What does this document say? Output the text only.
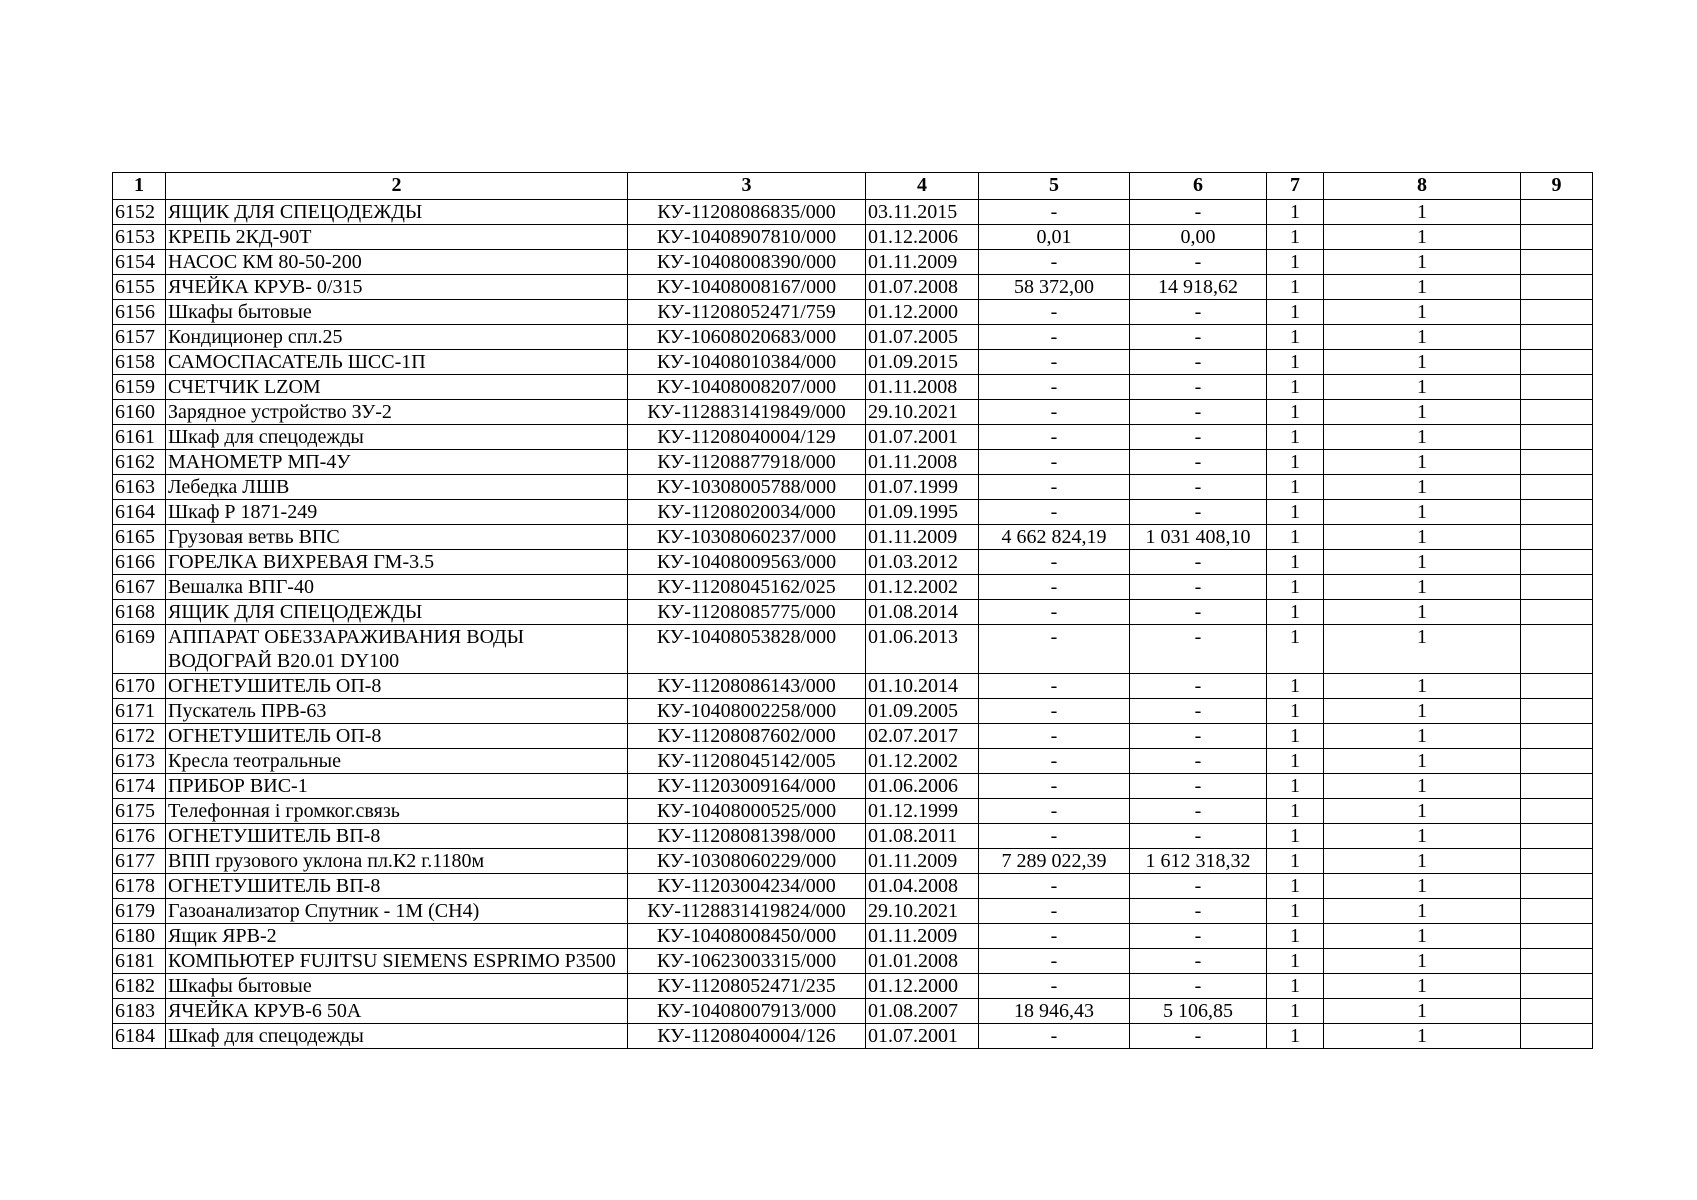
1	2	3	4	5	6	7	8	9
6152	ЯЩИК ДЛЯ СПЕЦОДЕЖДЫ	КУ-11208086835/000	03.11.2015	-	-	1	1	
6153	КРЕПЬ 2КД-90Т	КУ-10408907810/000	01.12.2006	0,01	0,00	1	1	
6154	НАСОС КМ 80-50-200	КУ-10408008390/000	01.11.2009	-	-	1	1	
6155	ЯЧЕЙКА КРУВ- 0/315	КУ-10408008167/000	01.07.2008	58 372,00	14 918,62	1	1	
6156	Шкафы бытовые	КУ-11208052471/759	01.12.2000	-	-	1	1	
6157	Кондиционер спл.25	КУ-10608020683/000	01.07.2005	-	-	1	1	
6158	САМОСПАСАТЕЛЬ ШСС-1П	КУ-10408010384/000	01.09.2015	-	-	1	1	
6159	СЧЕТЧИК LZOM	КУ-10408008207/000	01.11.2008	-	-	1	1	
6160	Зарядное устройство ЗУ-2	КУ-1128831419849/000	29.10.2021	-	-	1	1	
6161	Шкаф для спецодежды	КУ-11208040004/129	01.07.2001	-	-	1	1	
6162	МАНОМЕТР МП-4У	КУ-11208877918/000	01.11.2008	-	-	1	1	
6163	Лебедка ЛШВ	КУ-10308005788/000	01.07.1999	-	-	1	1	
6164	Шкаф Р 1871-249	КУ-11208020034/000	01.09.1995	-	-	1	1	
6165	Грузовая ветвь ВПС	КУ-10308060237/000	01.11.2009	4 662 824,19	1 031 408,10	1	1	
6166	ГОРЕЛКА ВИХРЕВАЯ ГМ-3.5	КУ-10408009563/000	01.03.2012	-	-	1	1	
6167	Вешалка ВПГ-40	КУ-11208045162/025	01.12.2002	-	-	1	1	
6168	ЯЩИК ДЛЯ СПЕЦОДЕЖДЫ	КУ-11208085775/000	01.08.2014	-	-	1	1	
6169	АППАРАТ ОБЕЗЗАРАЖИВАНИЯ ВОДЫ ВОДОГРАЙ В20.01 DY100	КУ-10408053828/000	01.06.2013	-	-	1	1	
6170	ОГНЕТУШИТЕЛЬ ОП-8	КУ-11208086143/000	01.10.2014	-	-	1	1	
6171	Пускатель ПРВ-63	КУ-10408002258/000	01.09.2005	-	-	1	1	
6172	ОГНЕТУШИТЕЛЬ ОП-8	КУ-11208087602/000	02.07.2017	-	-	1	1	
6173	Кресла теотральные	КУ-11208045142/005	01.12.2002	-	-	1	1	
6174	ПРИБОР ВИС-1	КУ-11203009164/000	01.06.2006	-	-	1	1	
6175	Телефонная і громког.связь	КУ-10408000525/000	01.12.1999	-	-	1	1	
6176	ОГНЕТУШИТЕЛЬ ВП-8	КУ-11208081398/000	01.08.2011	-	-	1	1	
6177	ВПП грузового уклона пл.К2 г.1180м	КУ-10308060229/000	01.11.2009	7 289 022,39	1 612 318,32	1	1	
6178	ОГНЕТУШИТЕЛЬ ВП-8	КУ-11203004234/000	01.04.2008	-	-	1	1	
6179	Газоанализатор Спутник - 1М (СН4)	КУ-1128831419824/000	29.10.2021	-	-	1	1	
6180	Ящик ЯРВ-2	КУ-10408008450/000	01.11.2009	-	-	1	1	
6181	КОМПЬЮТЕР FUJITSU SIEMENS ESPRIMO P3500	КУ-10623003315/000	01.01.2008	-	-	1	1	
6182	Шкафы бытовые	КУ-11208052471/235	01.12.2000	-	-	1	1	
6183	ЯЧЕЙКА КРУВ-6 50А	КУ-10408007913/000	01.08.2007	18 946,43	5 106,85	1	1	
6184	Шкаф для спецодежды	КУ-11208040004/126	01.07.2001	-	-	1	1	
